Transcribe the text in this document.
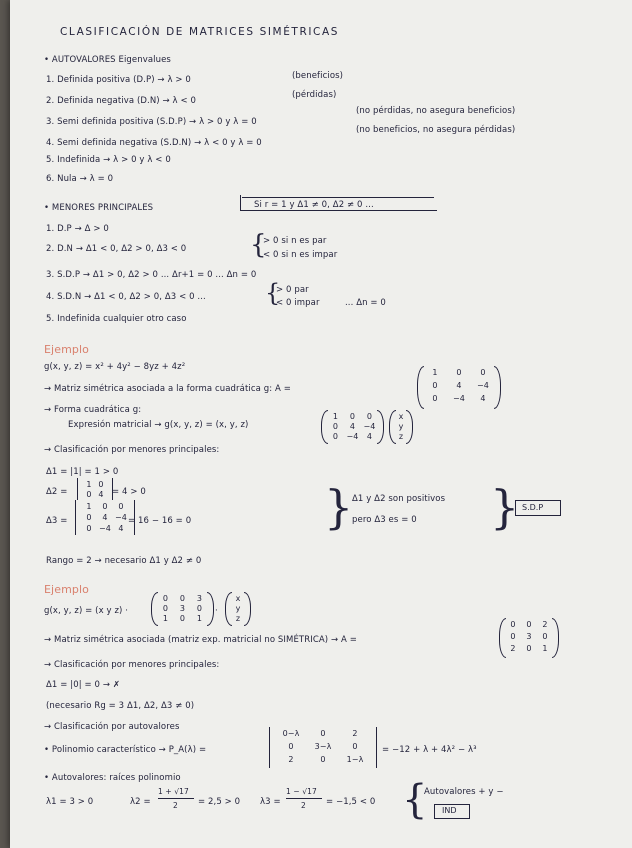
CLASIFICACIÓN DE MATRICES SIMÉTRICAS
• AUTOVALORES Eigenvalues
1. Definida positiva (D.P) → λ > 0	(beneficios)
2. Definida negativa (D.N) → λ < 0
(pérdidas)
3. Semi definida positiva (S.D.P) → λ > 0 y λ = 0
(no pérdidas, no asegura beneficios)
4. Semi definida negativa (S.D.N) → λ < 0 y λ = 0
(no beneficios, no asegura pérdidas)
5. Indefinida → λ > 0 y λ < 0
6. Nula → λ = 0
• MENORES PRINCIPALES	Si r = 1 y Δ1 ≠ 0, Δ2 ≠ 0 ...
1. D.P → Δ > 0
2. D.N → Δ1 < 0, Δ2 > 0, Δ3 < 0 {
> 0 si n es par
< 0 si n es impar
3. S.D.P → Δ1 > 0, Δ2 > 0 ... Δr+1 = 0 ... Δn = 0
4. S.D.N → Δ1 < 0, Δ2 > 0, Δ3 < 0 ... {
> 0 par
< 0 impar	... Δn = 0
5. Indefinida cualquier otro caso
Ejemplo
g(x, y, z) = x² + 4y² − 8yz + 4z²
→ Matriz simétrica asociada a la forma cuadrática g: A =
1	0	0
0	4	−4
0	−4	4
→ Forma cuadrática g:
Expresión matricial → g(x, y, z) = (x, y, z)
1	0	0
0	4	−4
0	−4	4
x
y
z
→ Clasificación por menores principales:
Δ1 = |1| = 1 > 0
Δ2 =
1 0
0 4 = 4 > 0
Δ3 =
1	0	0
0	4 −4
0 −4 4
= 16 − 16 = 0	}
Δ1 y Δ2 son positivos
pero Δ3 es = 0 } S.D.P
Rango = 2 → necesario Δ1 y Δ2 ≠ 0
Ejemplo
g(x, y, z) = (x y z) ·
0	0	3
0	3	0
1	0	1
·
x
y
z
→ Matriz simétrica asociada (matriz exp. matricial no SIMÉTRICA) → A =
0	0	2
0	3	0
2	0	1
→ Clasificación por menores principales:
Δ1 = |0| = 0 → ✗
(necesario Rg = 3 Δ1, Δ2, Δ3 ≠ 0)
→ Clasificación por autovalores
• Polinomio característico → P_A(λ) =
0−λ	0	2
0	3−λ	0
2	0	1−λ
= −12 + λ + 4λ² − λ³
• Autovalores: raíces polinomio
λ1 = 3 > 0	λ2 =
1 + √17
2 = 2,5 > 0 λ3 =
1 − √17
2 = −1,5 < 0 {
Autovalores + y −
IND
